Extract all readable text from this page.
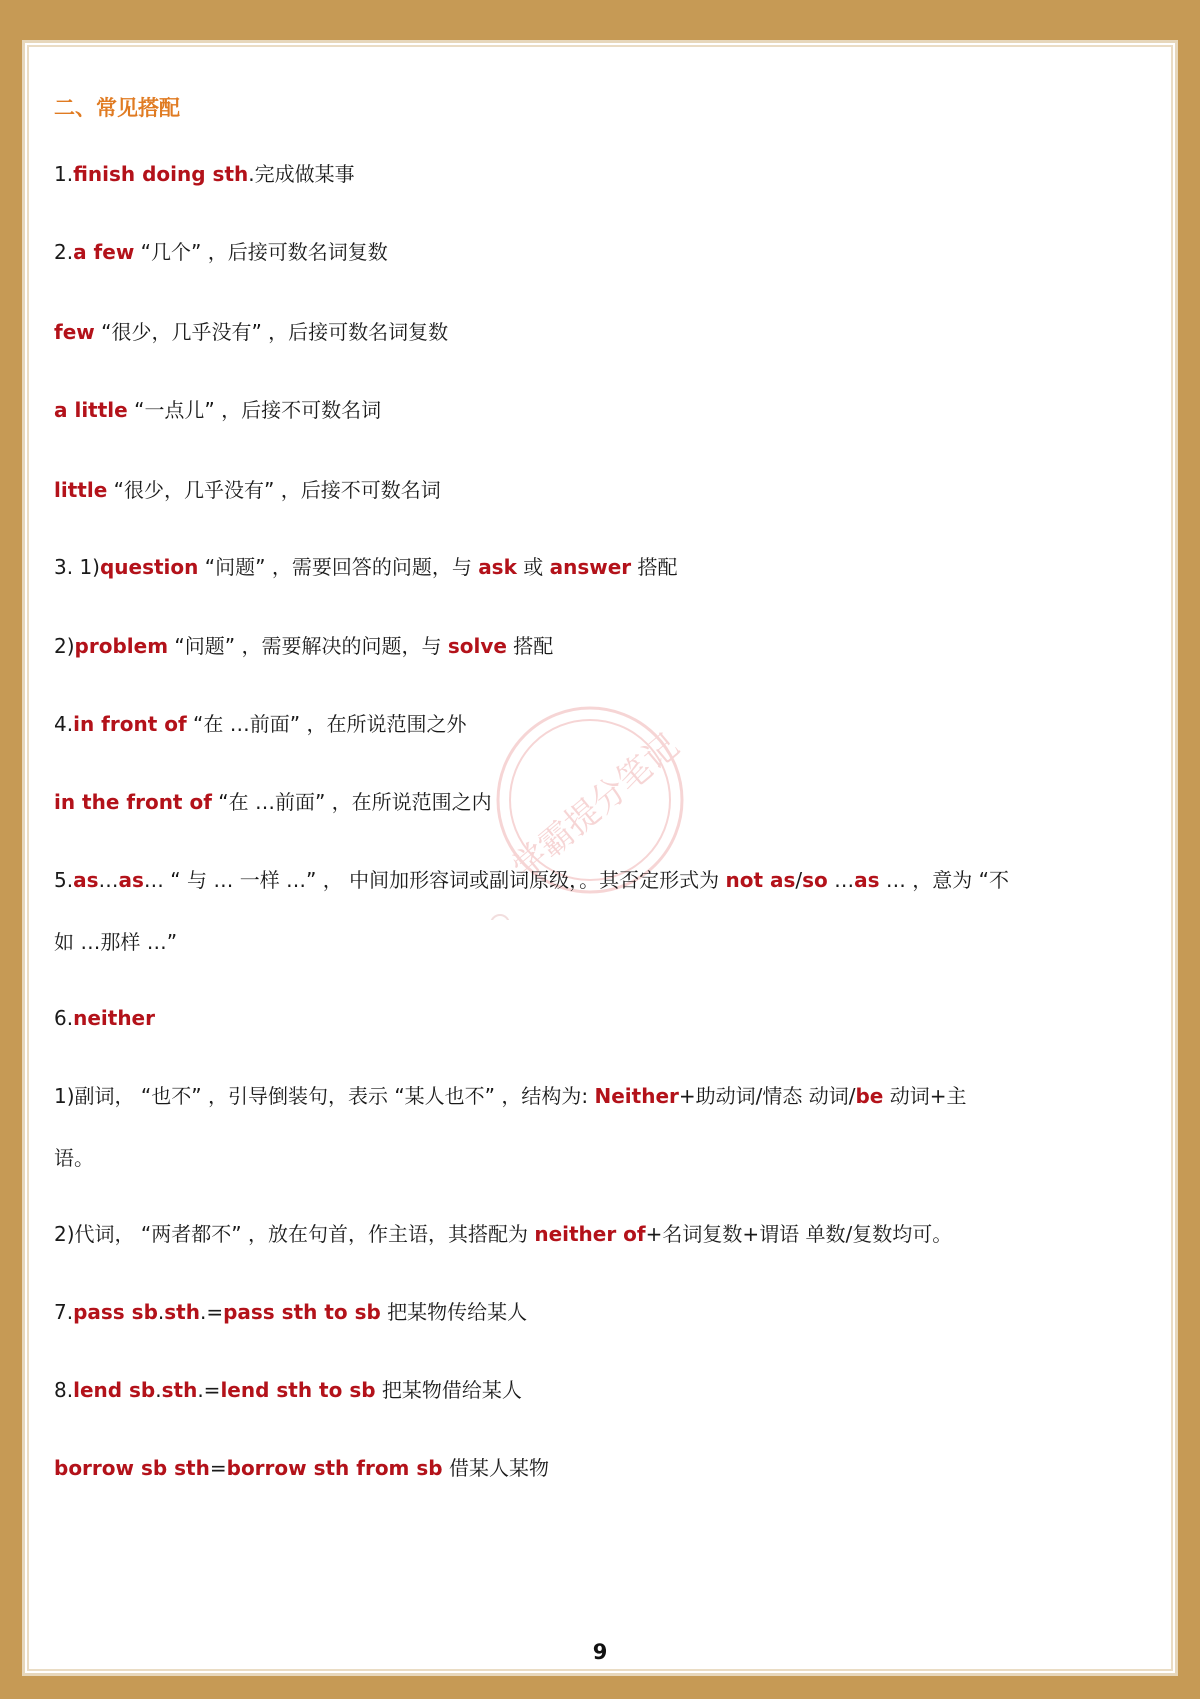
学霸提分笔记
二、常见搭配
1.finish doing sth.完成做某事
2.a few “几个” ，后接可数名词复数
few “很少，几乎没有” ，后接可数名词复数
a little “一点儿” ，后接不可数名词
little “很少，几乎没有” ，后接不可数名词
3. 1)question “问题” ，需要回答的问题，与 ask 或 answer 搭配
2)problem “问题” ，需要解决的问题，与 solve 搭配
4.in front of “在 …前面” ，在所说范围之外
in the front of “在 …前面” ，在所说范围之内
5.as…as… “ 与 … 一样 …” ， 中间加形容词或副词原级，。其否定形式为 not as/so …as … ，意为 “不
如 …那样 …”
6.neither
1)副词， “也不” ，引导倒装句，表示 “某人也不” ，结构为: Neither+助动词/情态 动词/be 动词+主
语。
2)代词， “两者都不” ，放在句首，作主语，其搭配为 neither of+名词复数+谓语 单数/复数均可。
7.pass sb.sth.=pass sth to sb 把某物传给某人
8.lend sb.sth.=lend sth to sb 把某物借给某人
borrow sb sth=borrow sth from sb 借某人某物
9
